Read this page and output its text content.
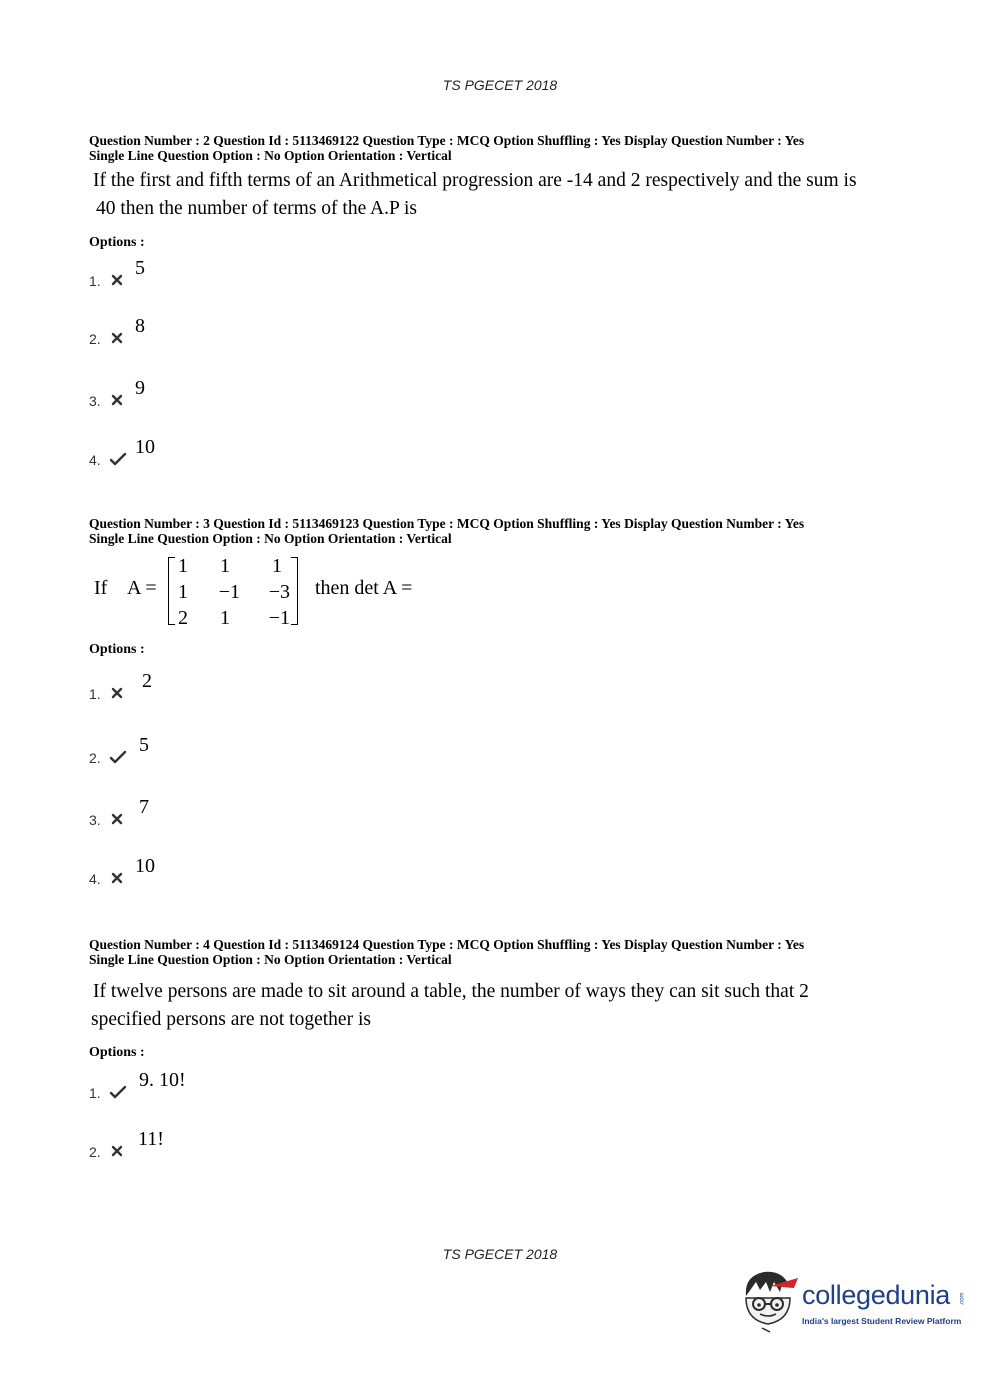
TS PGECET 2018
Question Number : 2 Question Id : 5113469122 Question Type : MCQ Option Shuffling : Yes Display Question Number : Yes
Single Line Question Option : No Option Orientation : Vertical
If the first and fifth terms of an Arithmetical progression are -14 and 2 respectively and the sum is
40 then the number of terms of the A.P is
Options :
1.
5
2.
8
3.
9
4.
10
Question Number : 3 Question Id : 5113469123 Question Type : MCQ Option Shuffling : Yes Display Question Number : Yes
Single Line Question Option : No Option Orientation : Vertical
If A =
1	1	1
1	−1	−3
2	1	−1
then det A =
Options :
1.
2
2.
5
3.
7
4.
10
Question Number : 4 Question Id : 5113469124 Question Type : MCQ Option Shuffling : Yes Display Question Number : Yes
Single Line Question Option : No Option Orientation : Vertical
If twelve persons are made to sit around a table, the number of ways they can sit such that 2
specified persons are not together is
Options :
1.
9. 10!
2.
11!
TS PGECET 2018
collegedunia .com
India's largest Student Review Platform
